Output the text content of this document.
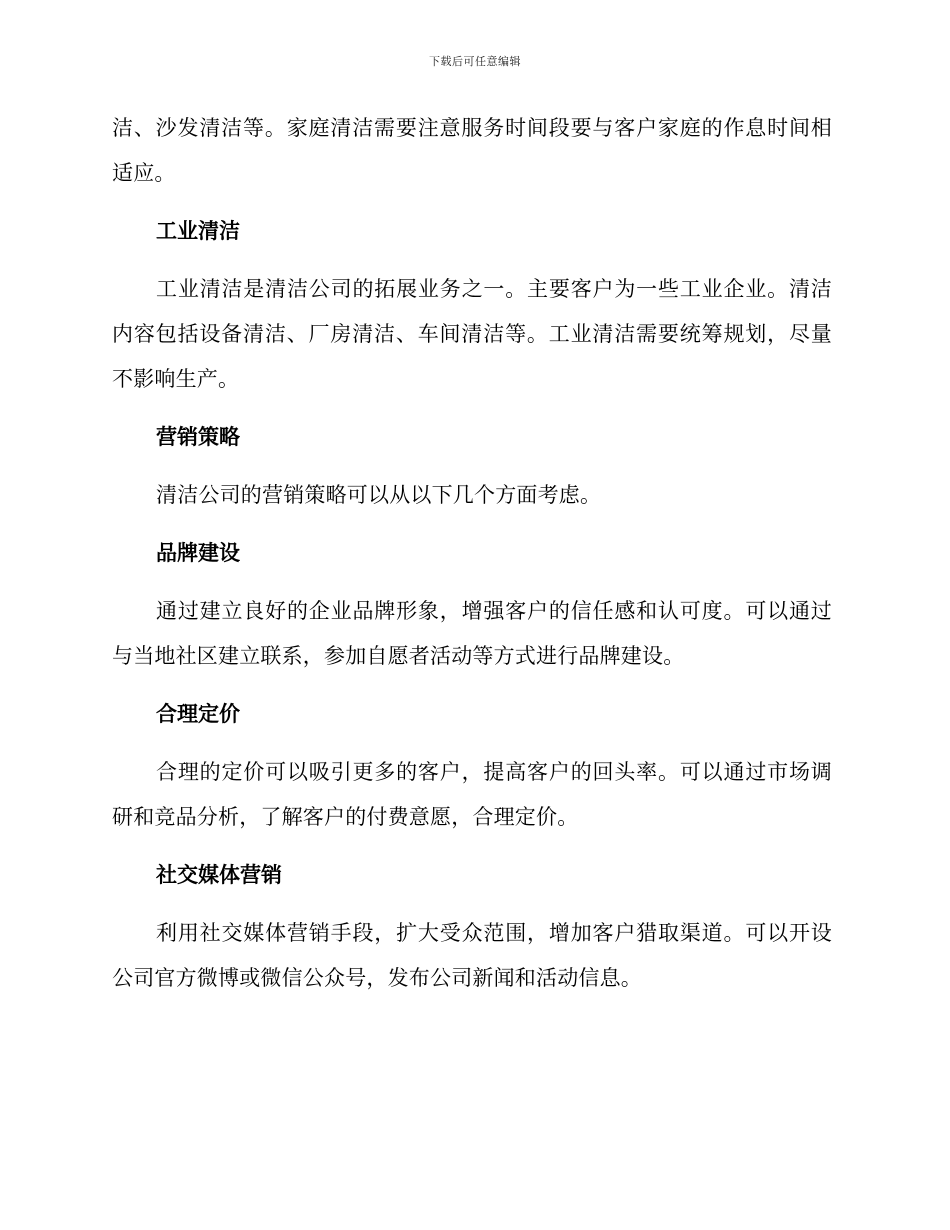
下载后可任意编辑

洁、沙发清洁等。家庭清洁需要注意服务时间段要与客户家庭的作息时间相适应。

工业清洁

工业清洁是清洁公司的拓展业务之一。主要客户为一些工业企业。清洁内容包括设备清洁、厂房清洁、车间清洁等。工业清洁需要统筹规划，尽量不影响生产。

营销策略

清洁公司的营销策略可以从以下几个方面考虑。

品牌建设

通过建立良好的企业品牌形象，增强客户的信任感和认可度。可以通过与当地社区建立联系，参加自愿者活动等方式进行品牌建设。

合理定价

合理的定价可以吸引更多的客户，提高客户的回头率。可以通过市场调研和竞品分析，了解客户的付费意愿，合理定价。

社交媒体营销

利用社交媒体营销手段，扩大受众范围，增加客户猎取渠道。可以开设公司官方微博或微信公众号，发布公司新闻和活动信息。
